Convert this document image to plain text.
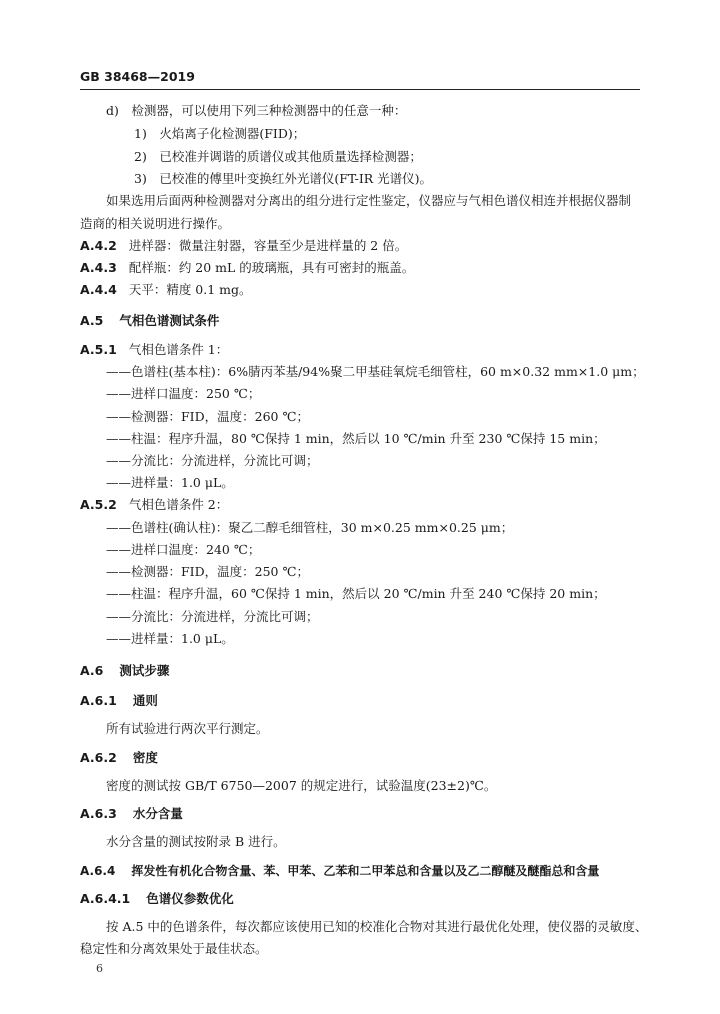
GB 38468—2019
d)　检测器，可以使用下列三种检测器中的任意一种：
1)　火焰离子化检测器(FID)；
2)　已校准并调谐的质谱仪或其他质量选择检测器；
3)　已校准的傅里叶变换红外光谱仪(FT-IR 光谱仪)。
如果选用后面两种检测器对分离出的组分进行定性鉴定，仪器应与气相色谱仪相连并根据仪器制
造商的相关说明进行操作。
A.4.2 进样器：微量注射器，容量至少是进样量的 2 倍。
A.4.3 配样瓶：约 20 mL 的玻璃瓶，具有可密封的瓶盖。
A.4.4 天平：精度 0.1 mg。
A.5 气相色谱测试条件
A.5.1 气相色谱条件 1：
——色谱柱(基本柱)：6%腈丙苯基/94%聚二甲基硅氧烷毛细管柱，60 m×0.32 mm×1.0 μm；
——进样口温度：250 ℃；
——检测器：FID，温度：260 ℃；
——柱温：程序升温，80 ℃保持 1 min，然后以 10 ℃/min 升至 230 ℃保持 15 min；
——分流比：分流进样，分流比可调；
——进样量：1.0 μL。
A.5.2 气相色谱条件 2：
——色谱柱(确认柱)：聚乙二醇毛细管柱，30 m×0.25 mm×0.25 μm；
——进样口温度：240 ℃；
——检测器：FID，温度：250 ℃；
——柱温：程序升温，60 ℃保持 1 min，然后以 20 ℃/min 升至 240 ℃保持 20 min；
——分流比：分流进样，分流比可调；
——进样量：1.0 μL。
A.6 测试步骤
A.6.1 通则
所有试验进行两次平行测定。
A.6.2 密度
密度的测试按 GB/T 6750—2007 的规定进行，试验温度(23±2)℃。
A.6.3 水分含量
水分含量的测试按附录 B 进行。
A.6.4 挥发性有机化合物含量、苯、甲苯、乙苯和二甲苯总和含量以及乙二醇醚及醚酯总和含量
A.6.4.1 色谱仪参数优化
按 A.5 中的色谱条件，每次都应该使用已知的校准化合物对其进行最优化处理，使仪器的灵敏度、
稳定性和分离效果处于最佳状态。
6
